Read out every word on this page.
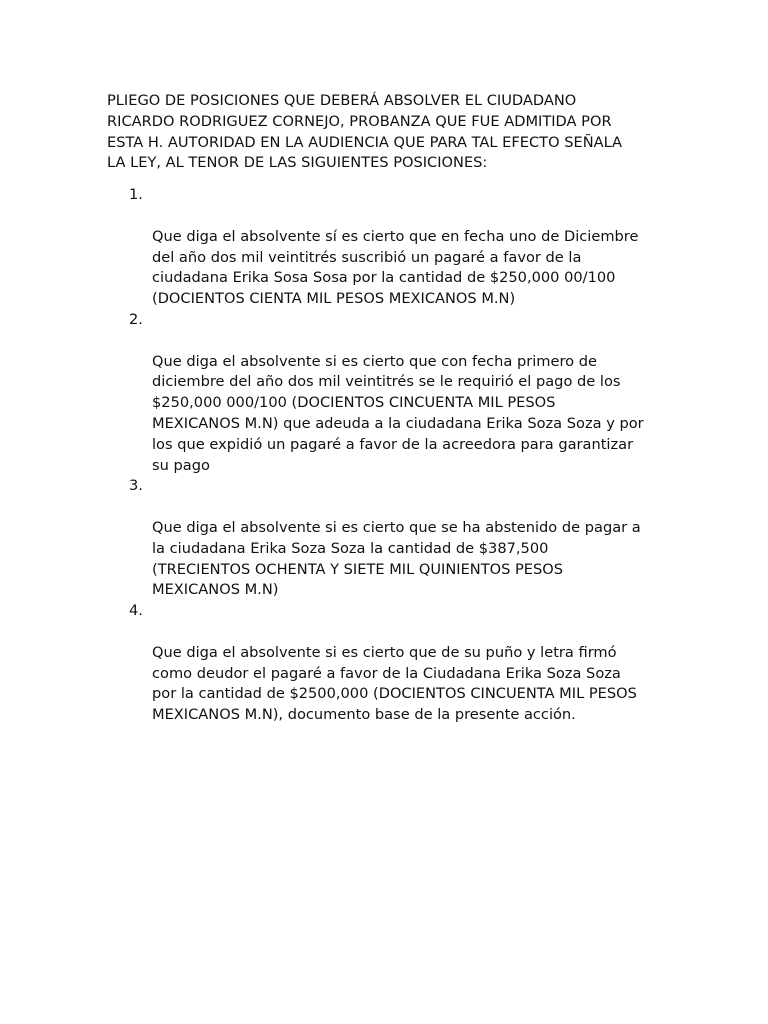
PLIEGO DE POSICIONES QUE DEBERÁ ABSOLVER EL CIUDADANO
RICARDO RODRIGUEZ CORNEJO, PROBANZA QUE FUE ADMITIDA POR
ESTA H. AUTORIDAD EN LA AUDIENCIA QUE PARA TAL EFECTO SEÑALA
LA LEY, AL TENOR DE LAS SIGUIENTES POSICIONES:

1.

Que diga el absolvente sí es cierto que en fecha uno de Diciembre
del año dos mil veintitrés suscribió un pagaré a favor de la
ciudadana Erika Sosa Sosa por la cantidad de $250,000 00/100
(DOCIENTOS CIENTA MIL PESOS MEXICANOS M.N)

2.

Que diga el absolvente si es cierto que con fecha primero de
diciembre del año dos mil veintitrés se le requirió el pago de los
$250,000 000/100 (DOCIENTOS CINCUENTA MIL PESOS
MEXICANOS M.N) que adeuda a la ciudadana Erika Soza Soza y por
los que expidió un pagaré a favor de la acreedora para garantizar
su pago

3.

Que diga el absolvente si es cierto que se ha abstenido de pagar a
la ciudadana Erika Soza Soza la cantidad de $387,500
(TRECIENTOS OCHENTA Y SIETE MIL QUINIENTOS PESOS
MEXICANOS M.N)

4.

Que diga el absolvente si es cierto que de su puño y letra firmó
como deudor el pagaré a favor de la Ciudadana Erika Soza Soza
por la cantidad de $2500,000 (DOCIENTOS CINCUENTA MIL PESOS
MEXICANOS M.N), documento base de la presente acción.
